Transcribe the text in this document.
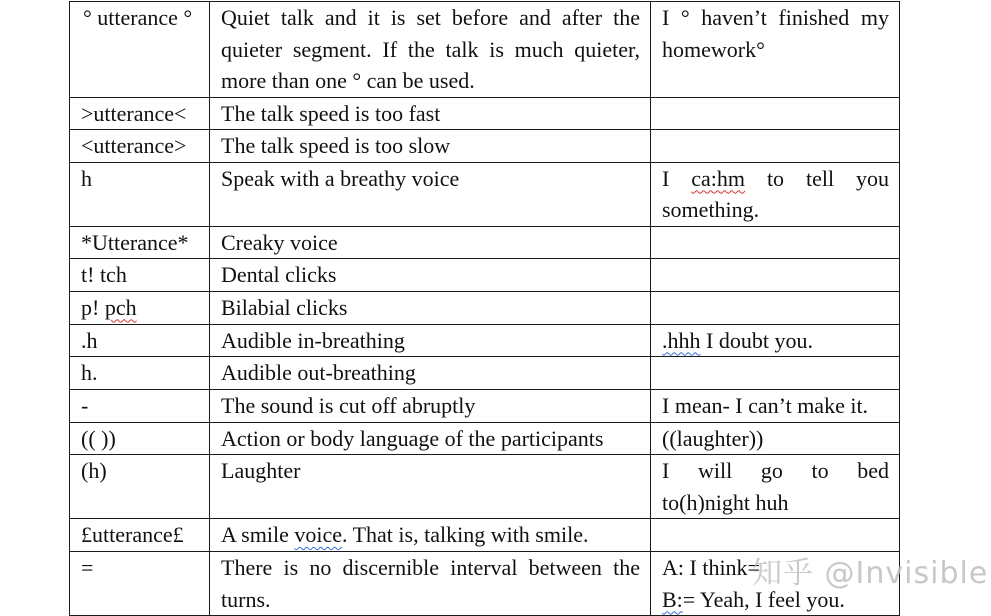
° utterance °	Quiet talk and it is set before and after the quieter segment. If the talk is much quieter, more than one ° can be used.	I ° haven’t finished my homework°
>utterance<	The talk speed is too fast	
<utterance>	The talk speed is too slow	
h	Speak with a breathy voice	I ca:hm to tell you something.
*Utterance*	Creaky voice	
t! tch	Dental clicks	
p! pch	Bilabial clicks	
.h	Audible in-breathing	.hhh I doubt you.
h.	Audible out-breathing	
-	The sound is cut off abruptly	I mean- I can’t make it.
(( ))	Action or body language of the participants	((laughter))
(h)	Laughter	I will go to bed to(h)night huh
£utterance£	A smile voice. That is, talking with smile.	
=	There is no discernible interval between the turns.	A: I think=
B:= Yeah, I feel you.
知乎 @Invisible
